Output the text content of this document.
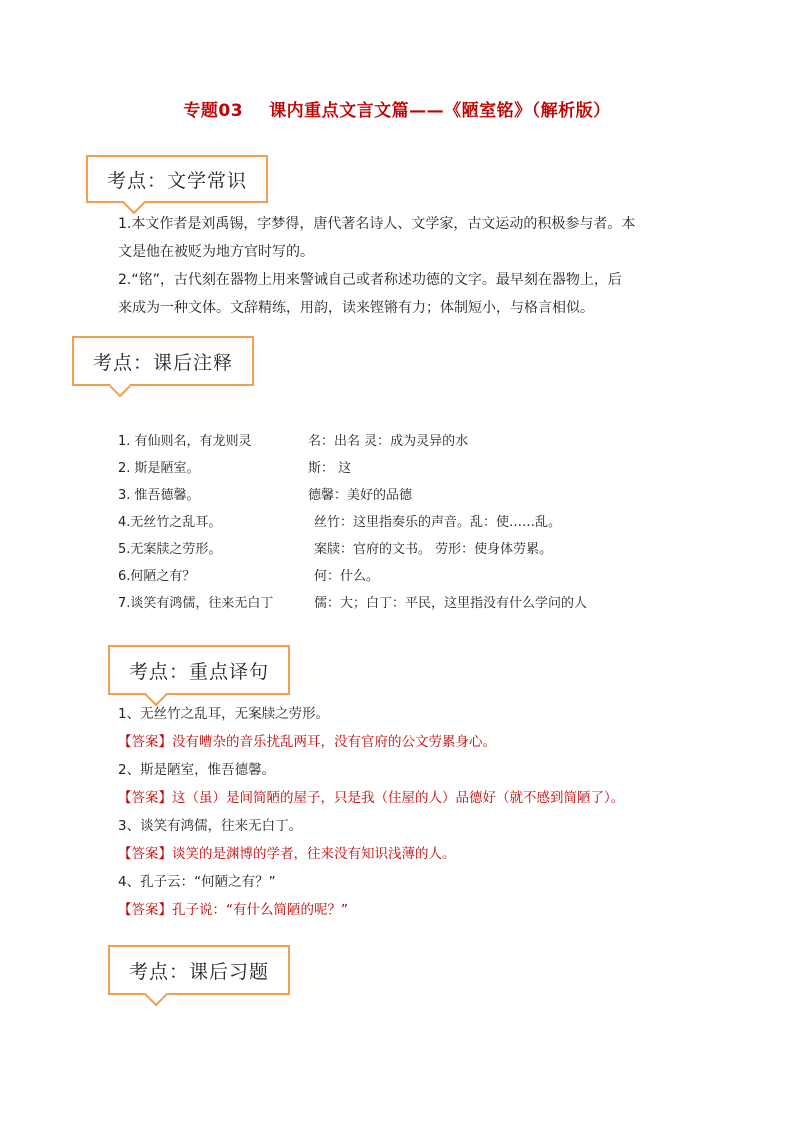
专题03 课内重点文言文篇——《陋室铭》（解析版）
考点：文学常识
1.本文作者是刘禹锡，字梦得，唐代著名诗人、文学家，古文运动的积极参与者。本
文是他在被贬为地方官时写的。
2.“铭”，古代刻在器物上用来警诫自己或者称述功德的文字。最早刻在器物上，后
来成为一种文体。文辞精练，用韵，读来铿锵有力；体制短小，与格言相似。
考点：课后注释
1. 有仙则名，有龙则灵	名：出名 灵：成为灵异的水
2. 斯是陋室。	斯： 这
3. 惟吾德馨。	德馨：美好的品德
4.无丝竹之乱耳。	丝竹：这里指奏乐的声音。乱：使……乱。
5.无案牍之劳形。	案牍：官府的文书。 劳形：使身体劳累。
6.何陋之有？	何：什么。
7.谈笑有鸿儒，往来无白丁	儒：大；白丁：平民，这里指没有什么学问的人
考点：重点译句
1、无丝竹之乱耳，无案牍之劳形。
【答案】没有嘈杂的音乐扰乱两耳，没有官府的公文劳累身心。
2、斯是陋室，惟吾德馨。
【答案】这（虽）是间简陋的屋子，只是我（住屋的人）品德好（就不感到简陋了）。
3、谈笑有鸿儒，往来无白丁。
【答案】谈笑的是渊博的学者，往来没有知识浅薄的人。
4、孔子云：“何陋之有？”
【答案】孔子说：“有什么简陋的呢？”
考点：课后习题
